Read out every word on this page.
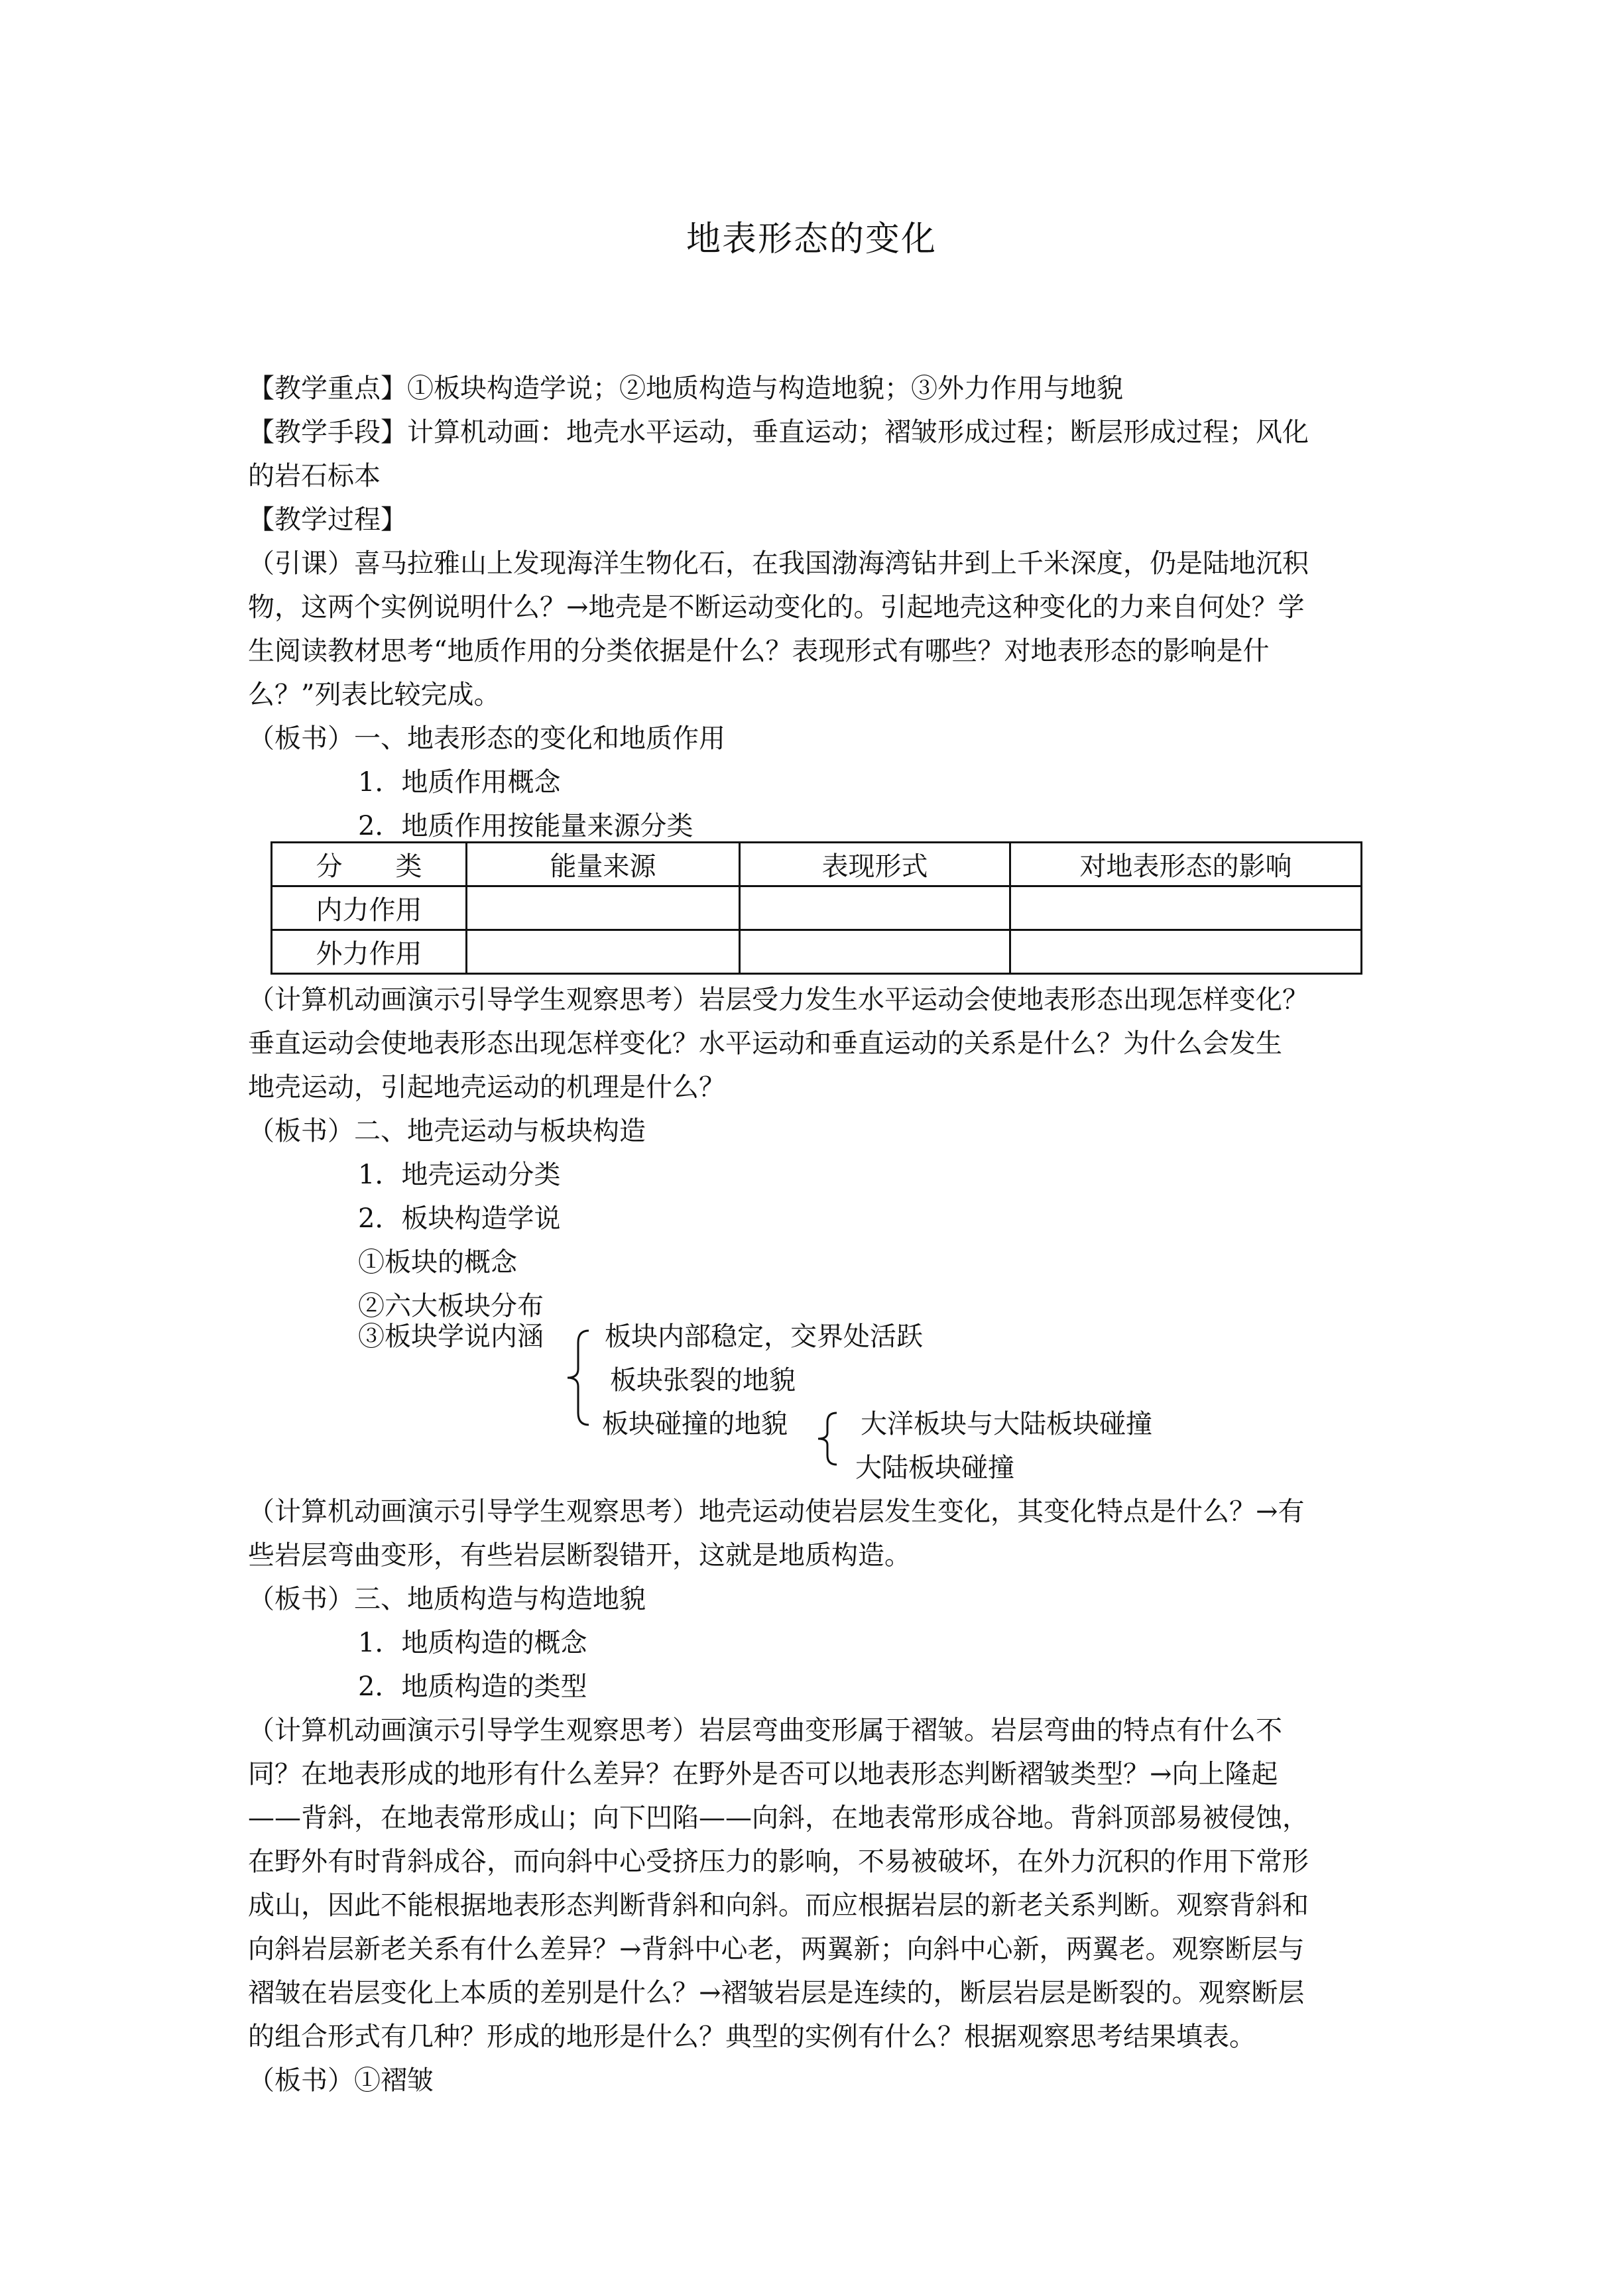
地表形态的变化
【教学重点】①板块构造学说；②地质构造与构造地貌；③外力作用与地貌
【教学手段】计算机动画：地壳水平运动，垂直运动；褶皱形成过程；断层形成过程；风化
的岩石标本
【教学过程】
（引课）喜马拉雅山上发现海洋生物化石，在我国渤海湾钻井到上千米深度，仍是陆地沉积
物，这两个实例说明什么？→地壳是不断运动变化的。引起地壳这种变化的力来自何处？学
生阅读教材思考“地质作用的分类依据是什么？表现形式有哪些？对地表形态的影响是什
么？”列表比较完成。
（板书）一、地表形态的变化和地质作用
1．地质作用概念
2．地质作用按能量来源分类
分　　类	能量来源	表现形式	对地表形态的影响
内力作用			
外力作用			
（计算机动画演示引导学生观察思考）岩层受力发生水平运动会使地表形态出现怎样变化？
垂直运动会使地表形态出现怎样变化？水平运动和垂直运动的关系是什么？为什么会发生
地壳运动，引起地壳运动的机理是什么？
（板书）二、地壳运动与板块构造
1．地壳运动分类
2．板块构造学说
①板块的概念
②六大板块分布
③板块学说内涵	板块内部稳定，交界处活跃
板块张裂的地貌
板块碰撞的地貌	大洋板块与大陆板块碰撞
大陆板块碰撞
（计算机动画演示引导学生观察思考）地壳运动使岩层发生变化，其变化特点是什么？→有
些岩层弯曲变形，有些岩层断裂错开，这就是地质构造。
（板书）三、地质构造与构造地貌
1．地质构造的概念
2．地质构造的类型
（计算机动画演示引导学生观察思考）岩层弯曲变形属于褶皱。岩层弯曲的特点有什么不
同？在地表形成的地形有什么差异？在野外是否可以地表形态判断褶皱类型？→向上隆起
——背斜，在地表常形成山；向下凹陷——向斜，在地表常形成谷地。背斜顶部易被侵蚀，
在野外有时背斜成谷，而向斜中心受挤压力的影响，不易被破坏，在外力沉积的作用下常形
成山，因此不能根据地表形态判断背斜和向斜。而应根据岩层的新老关系判断。观察背斜和
向斜岩层新老关系有什么差异？→背斜中心老，两翼新；向斜中心新，两翼老。观察断层与
褶皱在岩层变化上本质的差别是什么？→褶皱岩层是连续的，断层岩层是断裂的。观察断层
的组合形式有几种？形成的地形是什么？典型的实例有什么？根据观察思考结果填表。
（板书）①褶皱
